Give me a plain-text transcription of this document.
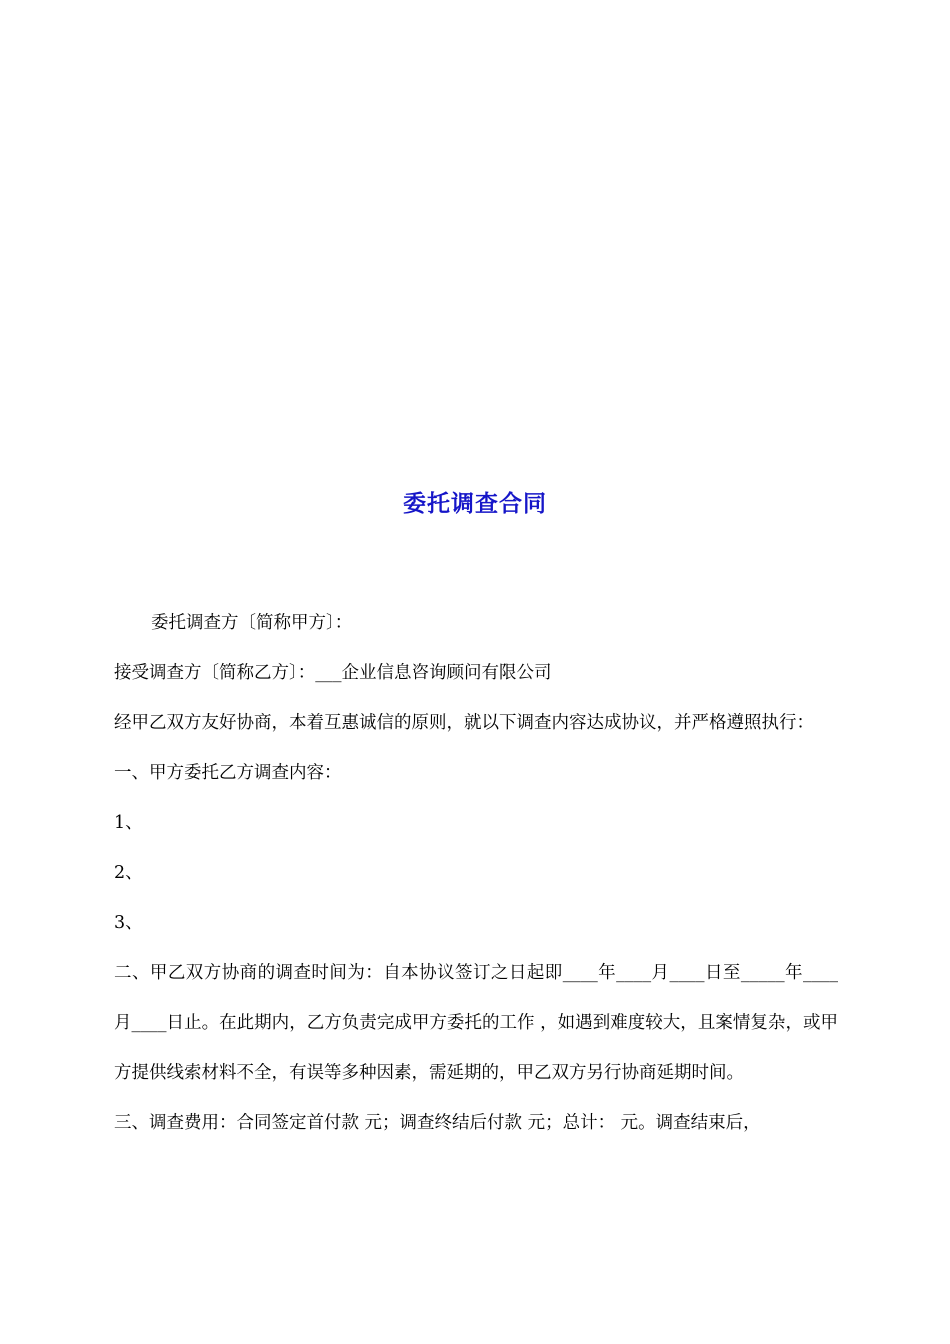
委托调查合同

委托调查方〔简称甲方〕：

接受调查方〔简称乙方〕：___企业信息咨询顾问有限公司

经甲乙双方友好协商，本着互惠诚信的原则，就以下调查内容达成协议，并严格遵照执行：

一、甲方委托乙方调查内容：

1、

2、

3、

二、甲乙双方协商的调查时间为：自本协议签订之日起即____年____月____日至_____年____月____日止。在此期内，乙方负责完成甲方委托的工作 ，如遇到难度较大，且案情复杂，或甲方提供线索材料不全，有误等多种因素，需延期的，甲乙双方另行协商延期时间。

三、调查费用：合同签定首付款 元；调查终结后付款 元；总计： 元。调查结束后，
